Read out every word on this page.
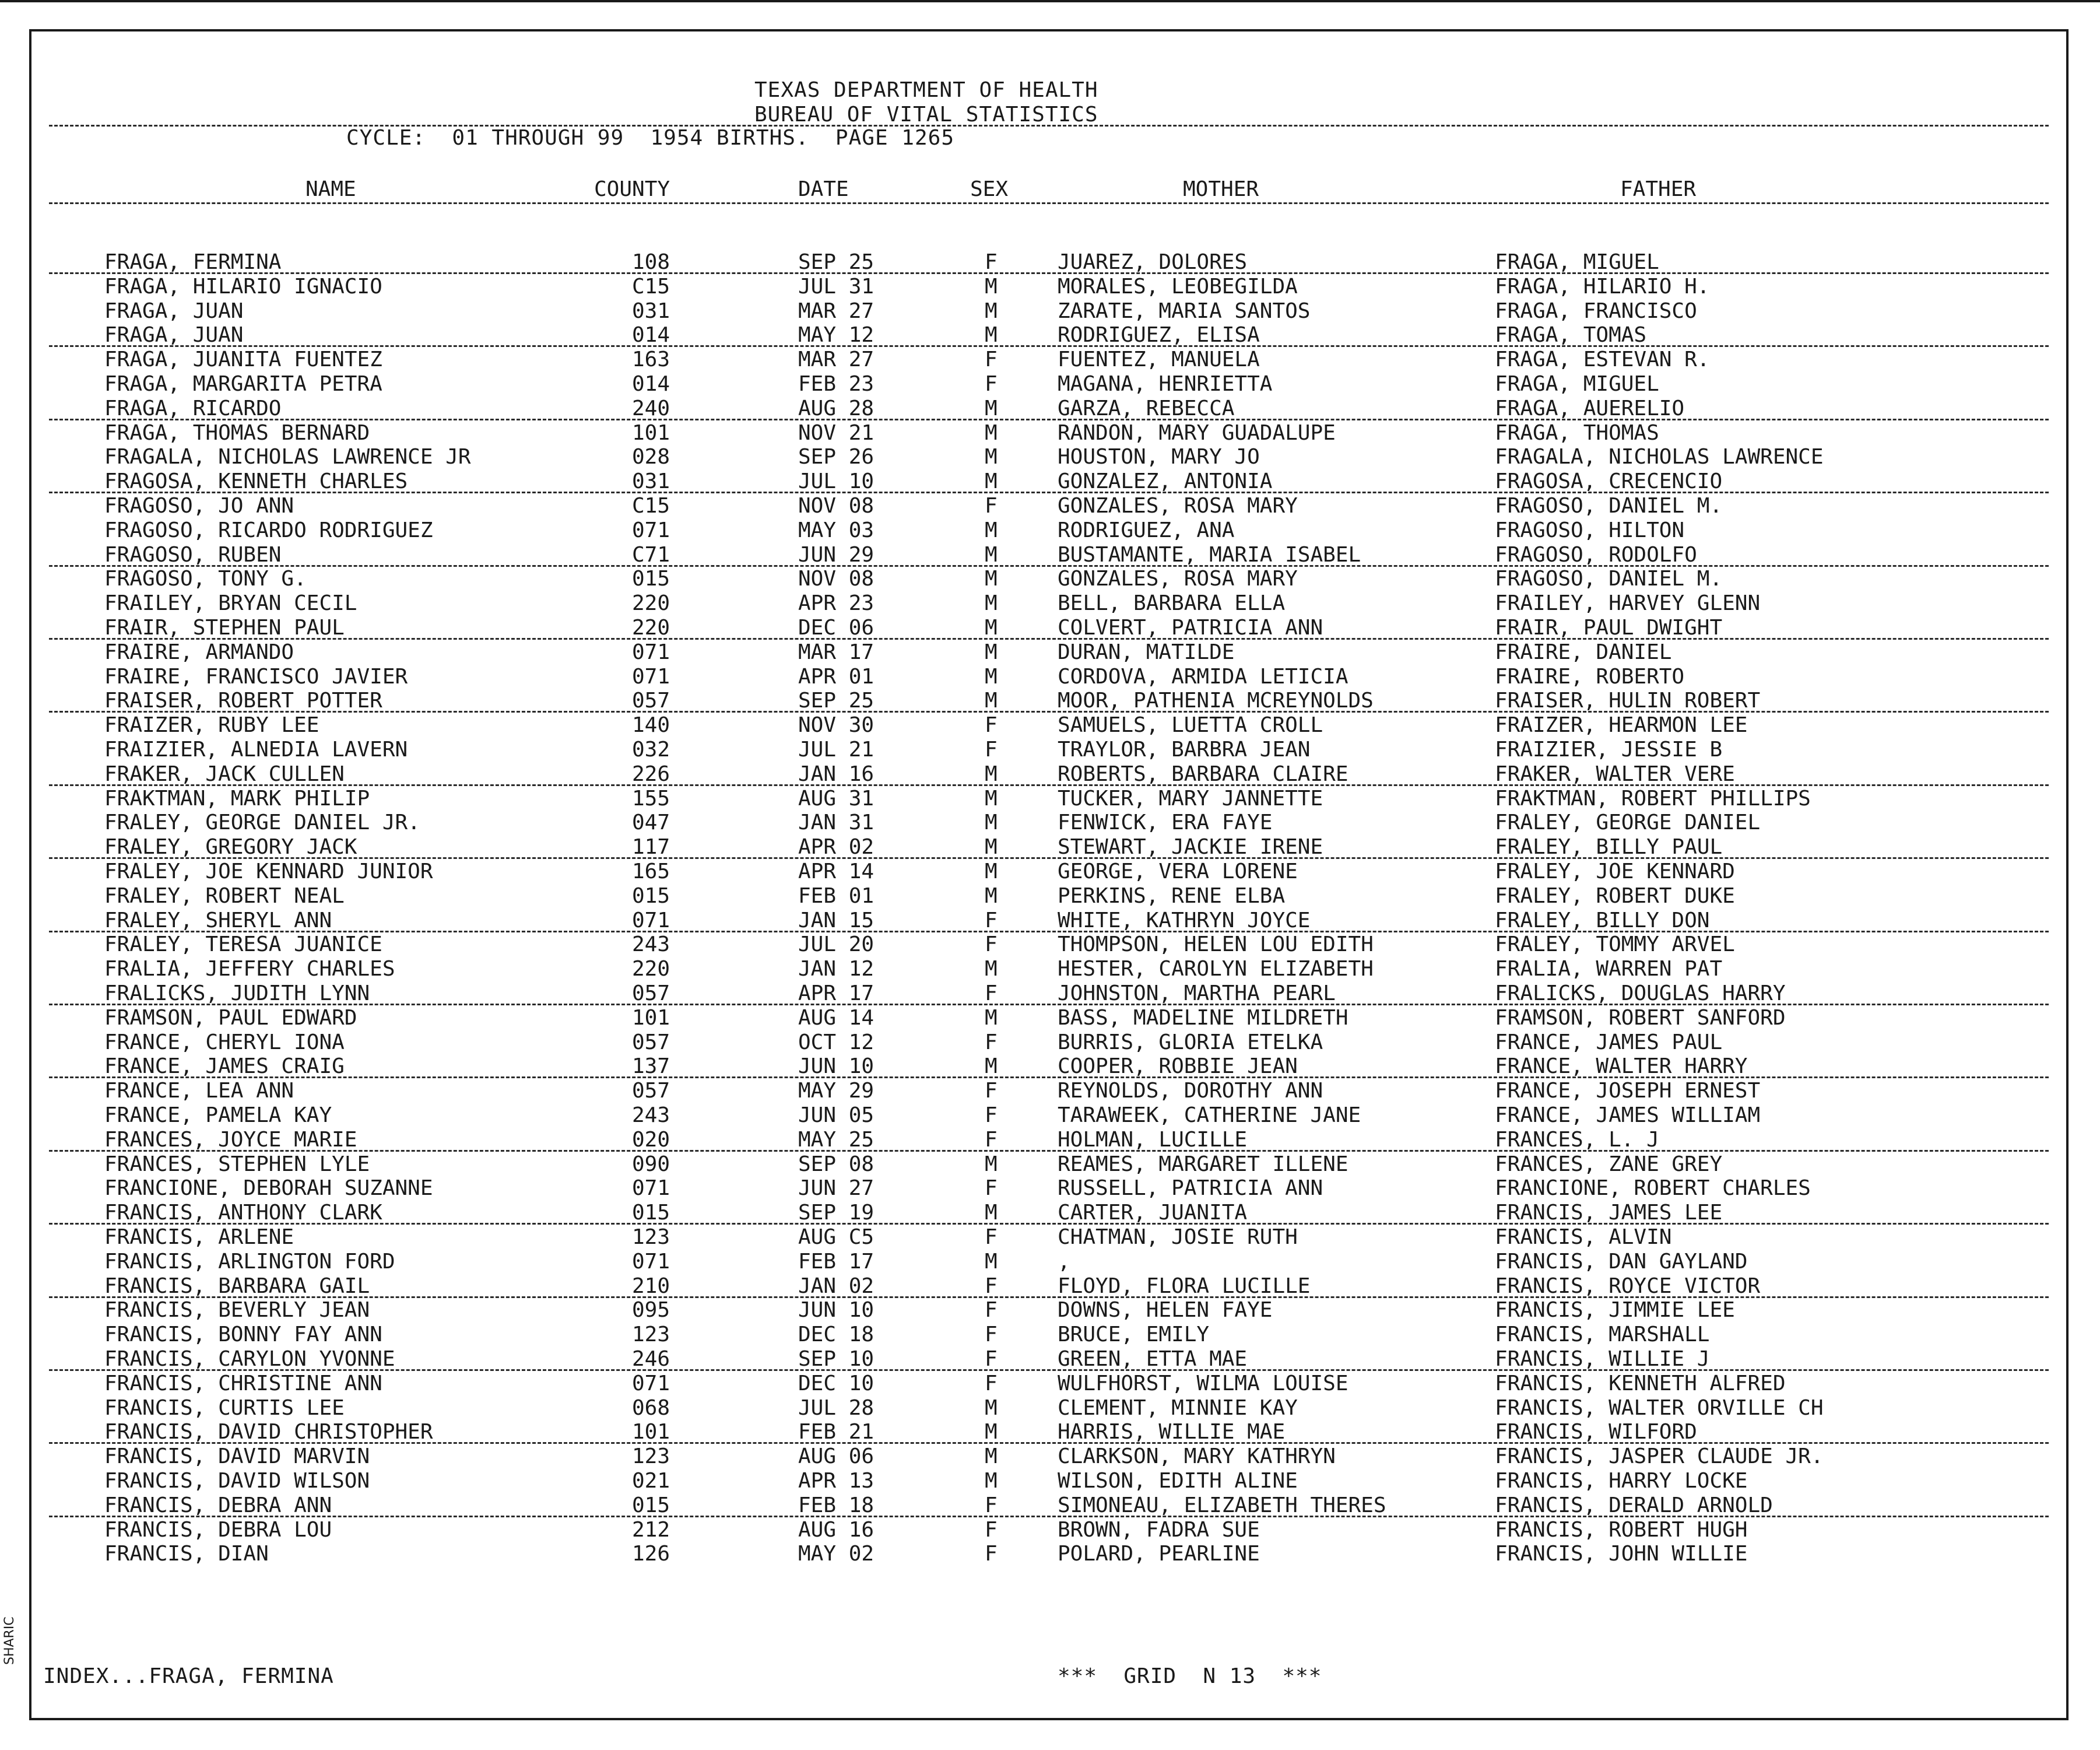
TEXAS DEPARTMENT OF HEALTH
BUREAU OF VITAL STATISTICS
CYCLE:  01 THROUGH 99  1954 BIRTHS.  PAGE 1265
NAME	COUNTY	DATE	SEX	MOTHER	FATHER
FRAGA, FERMINA	108	SEP 25	F	JUAREZ, DOLORES	FRAGA, MIGUEL
FRAGA, HILARIO IGNACIO	C15	JUL 31	M	MORALES, LEOBEGILDA	FRAGA, HILARIO H.
FRAGA, JUAN	031	MAR 27	M	ZARATE, MARIA SANTOS	FRAGA, FRANCISCO
FRAGA, JUAN	014	MAY 12	M	RODRIGUEZ, ELISA	FRAGA, TOMAS
FRAGA, JUANITA FUENTEZ	163	MAR 27	F	FUENTEZ, MANUELA	FRAGA, ESTEVAN R.
FRAGA, MARGARITA PETRA	014	FEB 23	F	MAGANA, HENRIETTA	FRAGA, MIGUEL
FRAGA, RICARDO	240	AUG 28	M	GARZA, REBECCA	FRAGA, AUERELIO
FRAGA, THOMAS BERNARD	101	NOV 21	M	RANDON, MARY GUADALUPE	FRAGA, THOMAS
FRAGALA, NICHOLAS LAWRENCE JR	028	SEP 26	M	HOUSTON, MARY JO	FRAGALA, NICHOLAS LAWRENCE
FRAGOSA, KENNETH CHARLES	031	JUL 10	M	GONZALEZ, ANTONIA	FRAGOSA, CRECENCIO
FRAGOSO, JO ANN	C15	NOV 08	F	GONZALES, ROSA MARY	FRAGOSO, DANIEL M.
FRAGOSO, RICARDO RODRIGUEZ	071	MAY 03	M	RODRIGUEZ, ANA	FRAGOSO, HILTON
FRAGOSO, RUBEN	C71	JUN 29	M	BUSTAMANTE, MARIA ISABEL	FRAGOSO, RODOLFO
FRAGOSO, TONY G.	015	NOV 08	M	GONZALES, ROSA MARY	FRAGOSO, DANIEL M.
FRAILEY, BRYAN CECIL	220	APR 23	M	BELL, BARBARA ELLA	FRAILEY, HARVEY GLENN
FRAIR, STEPHEN PAUL	220	DEC 06	M	COLVERT, PATRICIA ANN	FRAIR, PAUL DWIGHT
FRAIRE, ARMANDO	071	MAR 17	M	DURAN, MATILDE	FRAIRE, DANIEL
FRAIRE, FRANCISCO JAVIER	071	APR 01	M	CORDOVA, ARMIDA LETICIA	FRAIRE, ROBERTO
FRAISER, ROBERT POTTER	057	SEP 25	M	MOOR, PATHENIA MCREYNOLDS	FRAISER, HULIN ROBERT
FRAIZER, RUBY LEE	140	NOV 30	F	SAMUELS, LUETTA CROLL	FRAIZER, HEARMON LEE
FRAIZIER, ALNEDIA LAVERN	032	JUL 21	F	TRAYLOR, BARBRA JEAN	FRAIZIER, JESSIE B
FRAKER, JACK CULLEN	226	JAN 16	M	ROBERTS, BARBARA CLAIRE	FRAKER, WALTER VERE
FRAKTMAN, MARK PHILIP	155	AUG 31	M	TUCKER, MARY JANNETTE	FRAKTMAN, ROBERT PHILLIPS
FRALEY, GEORGE DANIEL JR.	047	JAN 31	M	FENWICK, ERA FAYE	FRALEY, GEORGE DANIEL
FRALEY, GREGORY JACK	117	APR 02	M	STEWART, JACKIE IRENE	FRALEY, BILLY PAUL
FRALEY, JOE KENNARD JUNIOR	165	APR 14	M	GEORGE, VERA LORENE	FRALEY, JOE KENNARD
FRALEY, ROBERT NEAL	015	FEB 01	M	PERKINS, RENE ELBA	FRALEY, ROBERT DUKE
FRALEY, SHERYL ANN	071	JAN 15	F	WHITE, KATHRYN JOYCE	FRALEY, BILLY DON
FRALEY, TERESA JUANICE	243	JUL 20	F	THOMPSON, HELEN LOU EDITH	FRALEY, TOMMY ARVEL
FRALIA, JEFFERY CHARLES	220	JAN 12	M	HESTER, CAROLYN ELIZABETH	FRALIA, WARREN PAT
FRALICKS, JUDITH LYNN	057	APR 17	F	JOHNSTON, MARTHA PEARL	FRALICKS, DOUGLAS HARRY
FRAMSON, PAUL EDWARD	101	AUG 14	M	BASS, MADELINE MILDRETH	FRAMSON, ROBERT SANFORD
FRANCE, CHERYL IONA	057	OCT 12	F	BURRIS, GLORIA ETELKA	FRANCE, JAMES PAUL
FRANCE, JAMES CRAIG	137	JUN 10	M	COOPER, ROBBIE JEAN	FRANCE, WALTER HARRY
FRANCE, LEA ANN	057	MAY 29	F	REYNOLDS, DOROTHY ANN	FRANCE, JOSEPH ERNEST
FRANCE, PAMELA KAY	243	JUN 05	F	TARAWEEK, CATHERINE JANE	FRANCE, JAMES WILLIAM
FRANCES, JOYCE MARIE	020	MAY 25	F	HOLMAN, LUCILLE	FRANCES, L. J
FRANCES, STEPHEN LYLE	090	SEP 08	M	REAMES, MARGARET ILLENE	FRANCES, ZANE GREY
FRANCIONE, DEBORAH SUZANNE	071	JUN 27	F	RUSSELL, PATRICIA ANN	FRANCIONE, ROBERT CHARLES
FRANCIS, ANTHONY CLARK	015	SEP 19	M	CARTER, JUANITA	FRANCIS, JAMES LEE
FRANCIS, ARLENE	123	AUG C5	F	CHATMAN, JOSIE RUTH	FRANCIS, ALVIN
FRANCIS, ARLINGTON FORD	071	FEB 17	M	,	FRANCIS, DAN GAYLAND
FRANCIS, BARBARA GAIL	210	JAN 02	F	FLOYD, FLORA LUCILLE	FRANCIS, ROYCE VICTOR
FRANCIS, BEVERLY JEAN	095	JUN 10	F	DOWNS, HELEN FAYE	FRANCIS, JIMMIE LEE
FRANCIS, BONNY FAY ANN	123	DEC 18	F	BRUCE, EMILY	FRANCIS, MARSHALL
FRANCIS, CARYLON YVONNE	246	SEP 10	F	GREEN, ETTA MAE	FRANCIS, WILLIE J
FRANCIS, CHRISTINE ANN	071	DEC 10	F	WULFHORST, WILMA LOUISE	FRANCIS, KENNETH ALFRED
FRANCIS, CURTIS LEE	068	JUL 28	M	CLEMENT, MINNIE KAY	FRANCIS, WALTER ORVILLE CH
FRANCIS, DAVID CHRISTOPHER	101	FEB 21	M	HARRIS, WILLIE MAE	FRANCIS, WILFORD
FRANCIS, DAVID MARVIN	123	AUG 06	M	CLARKSON, MARY KATHRYN	FRANCIS, JASPER CLAUDE JR.
FRANCIS, DAVID WILSON	021	APR 13	M	WILSON, EDITH ALINE	FRANCIS, HARRY LOCKE
FRANCIS, DEBRA ANN	015	FEB 18	F	SIMONEAU, ELIZABETH THERES	FRANCIS, DERALD ARNOLD
FRANCIS, DEBRA LOU	212	AUG 16	F	BROWN, FADRA SUE	FRANCIS, ROBERT HUGH
FRANCIS, DIAN	126	MAY 02	F	POLARD, PEARLINE	FRANCIS, JOHN WILLIE
INDEX...FRAGA, FERMINA	***  GRID  N 13  ***
SHARIC
